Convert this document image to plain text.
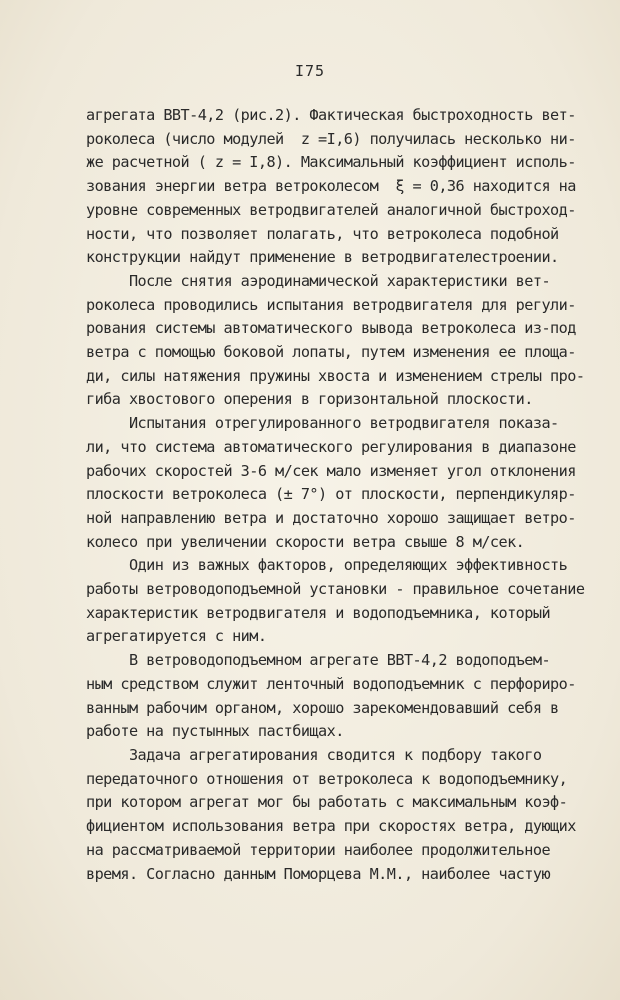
I75
агрегата ВВТ-4,2 (рис.2). Фактическая быстроходность вет-
роколеса (число модулей  z =I,6) получилась несколько ни-
же расчетной ( z = I,8). Максимальный коэффициент исполь-
зования энергии ветра ветроколесом  ξ = 0,36 находится на
уровне современных ветродвигателей аналогичной быстроход-
ности, что позволяет полагать, что ветроколеса подобной
конструкции найдут применение в ветродвигателестроении.
После снятия аэродинамической характеристики вет-
роколеса проводились испытания ветродвигателя для регули-
рования системы автоматического вывода ветроколеса из-под
ветра с помощью боковой лопаты, путем изменения ее площа-
ди, силы натяжения пружины хвоста и изменением стрелы про-
гиба хвостового оперения в горизонтальной плоскости.
Испытания отрегулированного ветродвигателя показа-
ли, что система автоматического регулирования в диапазоне
рабочих скоростей 3-6 м/сек мало изменяет угол отклонения
плоскости ветроколеса (± 7°) от плоскости, перпендикуляр-
ной направлению ветра и достаточно хорошо защищает ветро-
колесо при увеличении скорости ветра свыше 8 м/сек.
Один из важных факторов, определяющих эффективность
работы ветроводоподъемной установки - правильное сочетание
характеристик ветродвигателя и водоподъемника, который
агрегатируется с ним.
В ветроводоподъемном агрегате ВВТ-4,2 водоподъем-
ным средством служит ленточный водоподъемник с перфориро-
ванным рабочим органом, хорошо зарекомендовавший себя в
работе на пустынных пастбищах.
Задача агрегатирования сводится к подбору такого
передаточного отношения от ветроколеса к водоподъемнику,
при котором агрегат мог бы работать с максимальным коэф-
фициентом использования ветра при скоростях ветра, дующих
на рассматриваемой территории наиболее продолжительное
время. Согласно данным Поморцева М.М., наиболее частую
